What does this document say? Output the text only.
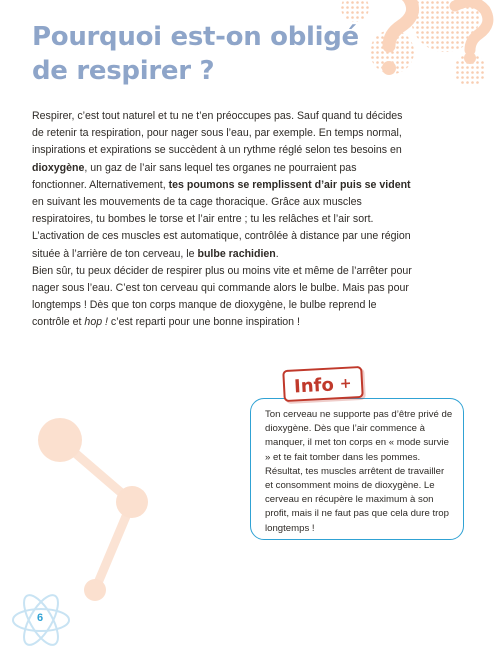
Pourquoi est-on obligé
de respirer ?

Respirer, c’est tout naturel et tu ne t’en préoccupes pas. Sauf quand tu décides de retenir ta respiration, pour nager sous l’eau, par exemple. En temps normal, inspirations et expirations se succèdent à un rythme réglé selon tes besoins en dioxygène, un gaz de l’air sans lequel tes organes ne pourraient pas fonctionner. Alternativement, tes poumons se remplissent d’air puis se vident en suivant les mouvements de ta cage thoracique. Grâce aux muscles respiratoires, tu bombes le torse et l’air entre ; tu les relâches et l’air sort. L’activation de ces muscles est automatique, contrôlée à distance par une région située à l’arrière de ton cerveau, le bulbe rachidien.

Bien sûr, tu peux décider de respirer plus ou moins vite et même de l’arrêter pour nager sous l’eau. C’est ton cerveau qui commande alors le bulbe. Mais pas pour longtemps ! Dès que ton corps manque de dioxygène, le bulbe reprend le contrôle et hop ! c’est reparti pour une bonne inspiration !

Ton cerveau ne supporte pas d’être privé de dioxygène. Dès que l’air commence à manquer, il met ton corps en « mode survie » et te fait tomber dans les pommes. Résultat, tes muscles arrêtent de travailler et consomment moins de dioxygène. Le cerveau en récupère le maximum à son profit, mais il ne faut pas que cela dure trop longtemps !

Info +
6
